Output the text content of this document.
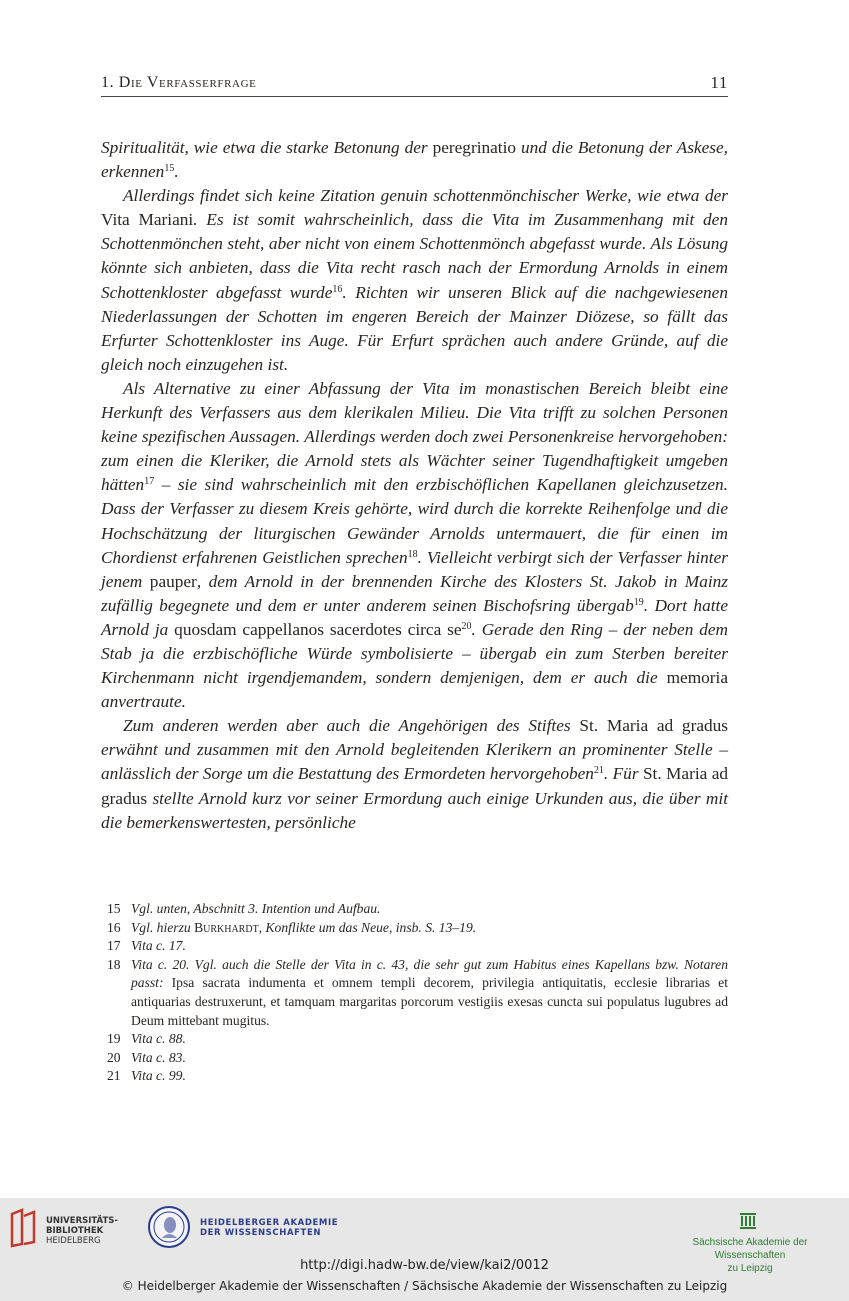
1. Die Verfasserfrage	11

Spiritualität, wie etwa die starke Betonung der peregrinatio und die Betonung der Askese, erkennen$^{15}$.

Allerdings findet sich keine Zitation genuin schottenmönchischer Werke, wie etwa der Vita Mariani. Es ist somit wahrscheinlich, dass die Vita im Zusammenhang mit den Schottenmönchen steht, aber nicht von einem Schottenmönch abgefasst wurde. Als Lösung könnte sich anbieten, dass die Vita recht rasch nach der Ermordung Arnolds in einem Schottenkloster abgefasst wurde$^{16}$. Richten wir unseren Blick auf die nachgewiesenen Niederlassungen der Schotten im engeren Bereich der Mainzer Diözese, so fällt das Erfurter Schottenkloster ins Auge. Für Erfurt sprächen auch andere Gründe, auf die gleich noch einzugehen ist.

Als Alternative zu einer Abfassung der Vita im monastischen Bereich bleibt eine Herkunft des Verfassers aus dem klerikalen Milieu. Die Vita trifft zu solchen Personen keine spezifischen Aussagen. Allerdings werden doch zwei Personenkreise hervorgehoben: zum einen die Kleriker, die Arnold stets als Wächter seiner Tugendhaftigkeit umgeben hätten$^{17}$ – sie sind wahrscheinlich mit den erzbischöflichen Kapellanen gleichzusetzen. Dass der Verfasser zu diesem Kreis gehörte, wird durch die korrekte Reihenfolge und die Hochschätzung der liturgischen Gewänder Arnolds untermauert, die für einen im Chordienst erfahrenen Geistlichen sprechen$^{18}$. Vielleicht verbirgt sich der Verfasser hinter jenem pauper, dem Arnold in der brennenden Kirche des Klosters St. Jakob in Mainz zufällig begegnete und dem er unter anderem seinen Bischofsring übergab$^{19}$. Dort hatte Arnold ja quosdam cappellanos sacerdotes circa $se^{20}$. Gerade den Ring – der neben dem Stab ja die erzbischöfliche Würde symbolisierte – übergab ein zum Sterben bereiter Kirchenmann nicht irgendjemandem, sondern demjenigen, dem er auch die memoria anvertraute.

Zum anderen werden aber auch die Angehörigen des Stiftes St. Maria ad gradus erwähnt und zusammen mit den Arnold begleitenden Klerikern an prominenter Stelle – anlässlich der Sorge um die Bestattung des Ermordeten hervorgehoben$^{21}$. Für St. Maria ad gradus stellte Arnold kurz vor seiner Ermordung auch einige Urkunden aus, die über mit die bemerkenswertesten, persönliche

15 Vgl. unten, Abschnitt 3. Intention und Aufbau.
16 Vgl. hierzu Burkhardt, Konflikte um das Neue, insb. S. 13–19.
17 Vita c. 17.
18 Vita c. 20. Vgl. auch die Stelle der Vita in c. 43, die sehr gut zum Habitus eines Kapellans bzw. Notaren passt: Ipsa sacrata indumenta et omnem templi decorem, privilegia antiquitatis, ecclesie librarias et antiquarias destruxerunt, et tamquam margaritas porcorum vestigiis exesas cuncta sui populatus lugubres ad Deum mittebant mugitus.
19 Vita c. 88.
20 Vita c. 83.
21 Vita c. 99.
UNIVERSITÄTS-
BIBLIOTHEK
HEIDELBERG
HEIDELBERGER AKADEMIE
DER WISSENSCHAFTEN
Sächsische Akademie der Wissenschaften
zu Leipzig
http://digi.hadw-bw.de/view/kai2/0012
© Heidelberger Akademie der Wissenschaften / Sächsische Akademie der Wissenschaften zu Leipzig
